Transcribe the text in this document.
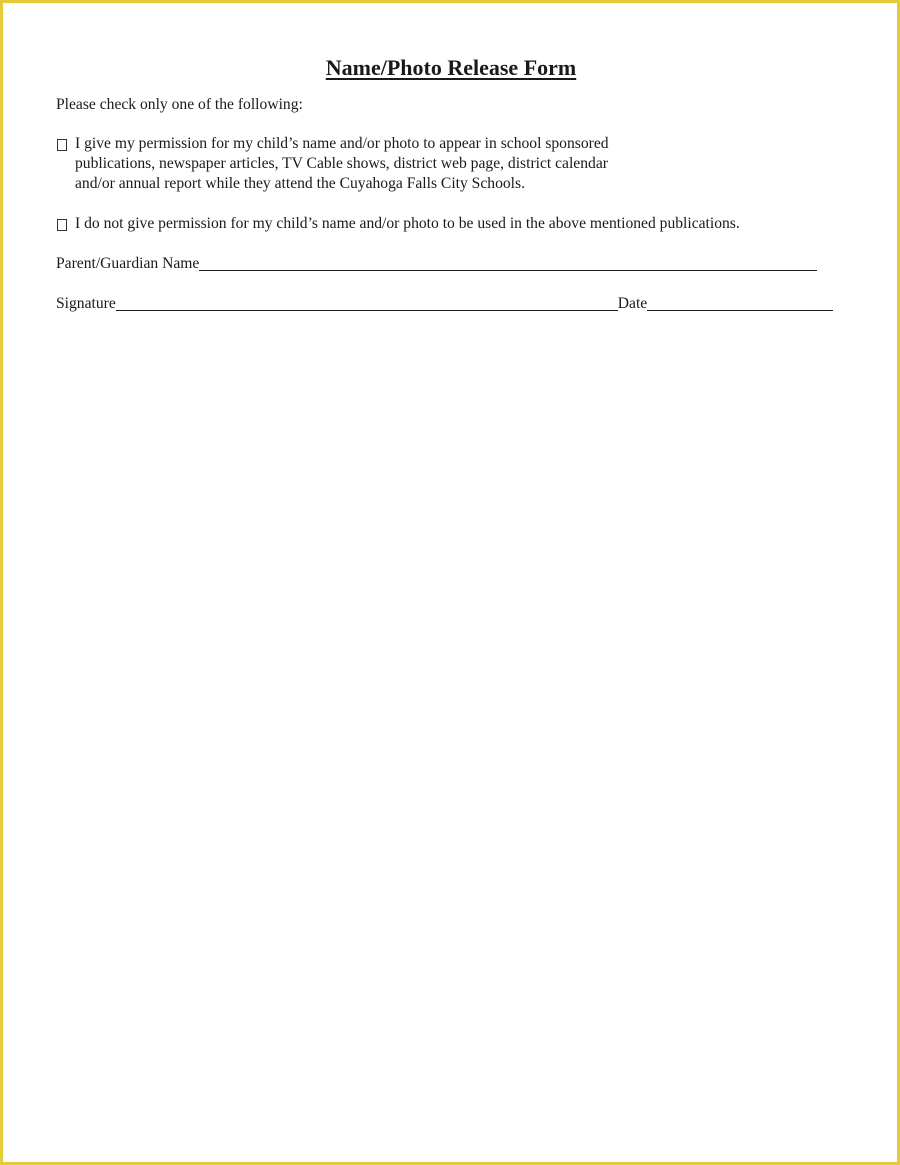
Name/Photo Release Form
Please check only one of the following:
I give my permission for my child’s name and/or photo to appear in school sponsored
publications, newspaper articles, TV Cable shows, district web page, district calendar
and/or annual report while they attend the Cuyahoga Falls City Schools.
I do not give permission for my child’s name and/or photo to be used in the above mentioned publications.
Parent/Guardian Name
Signature	Date
